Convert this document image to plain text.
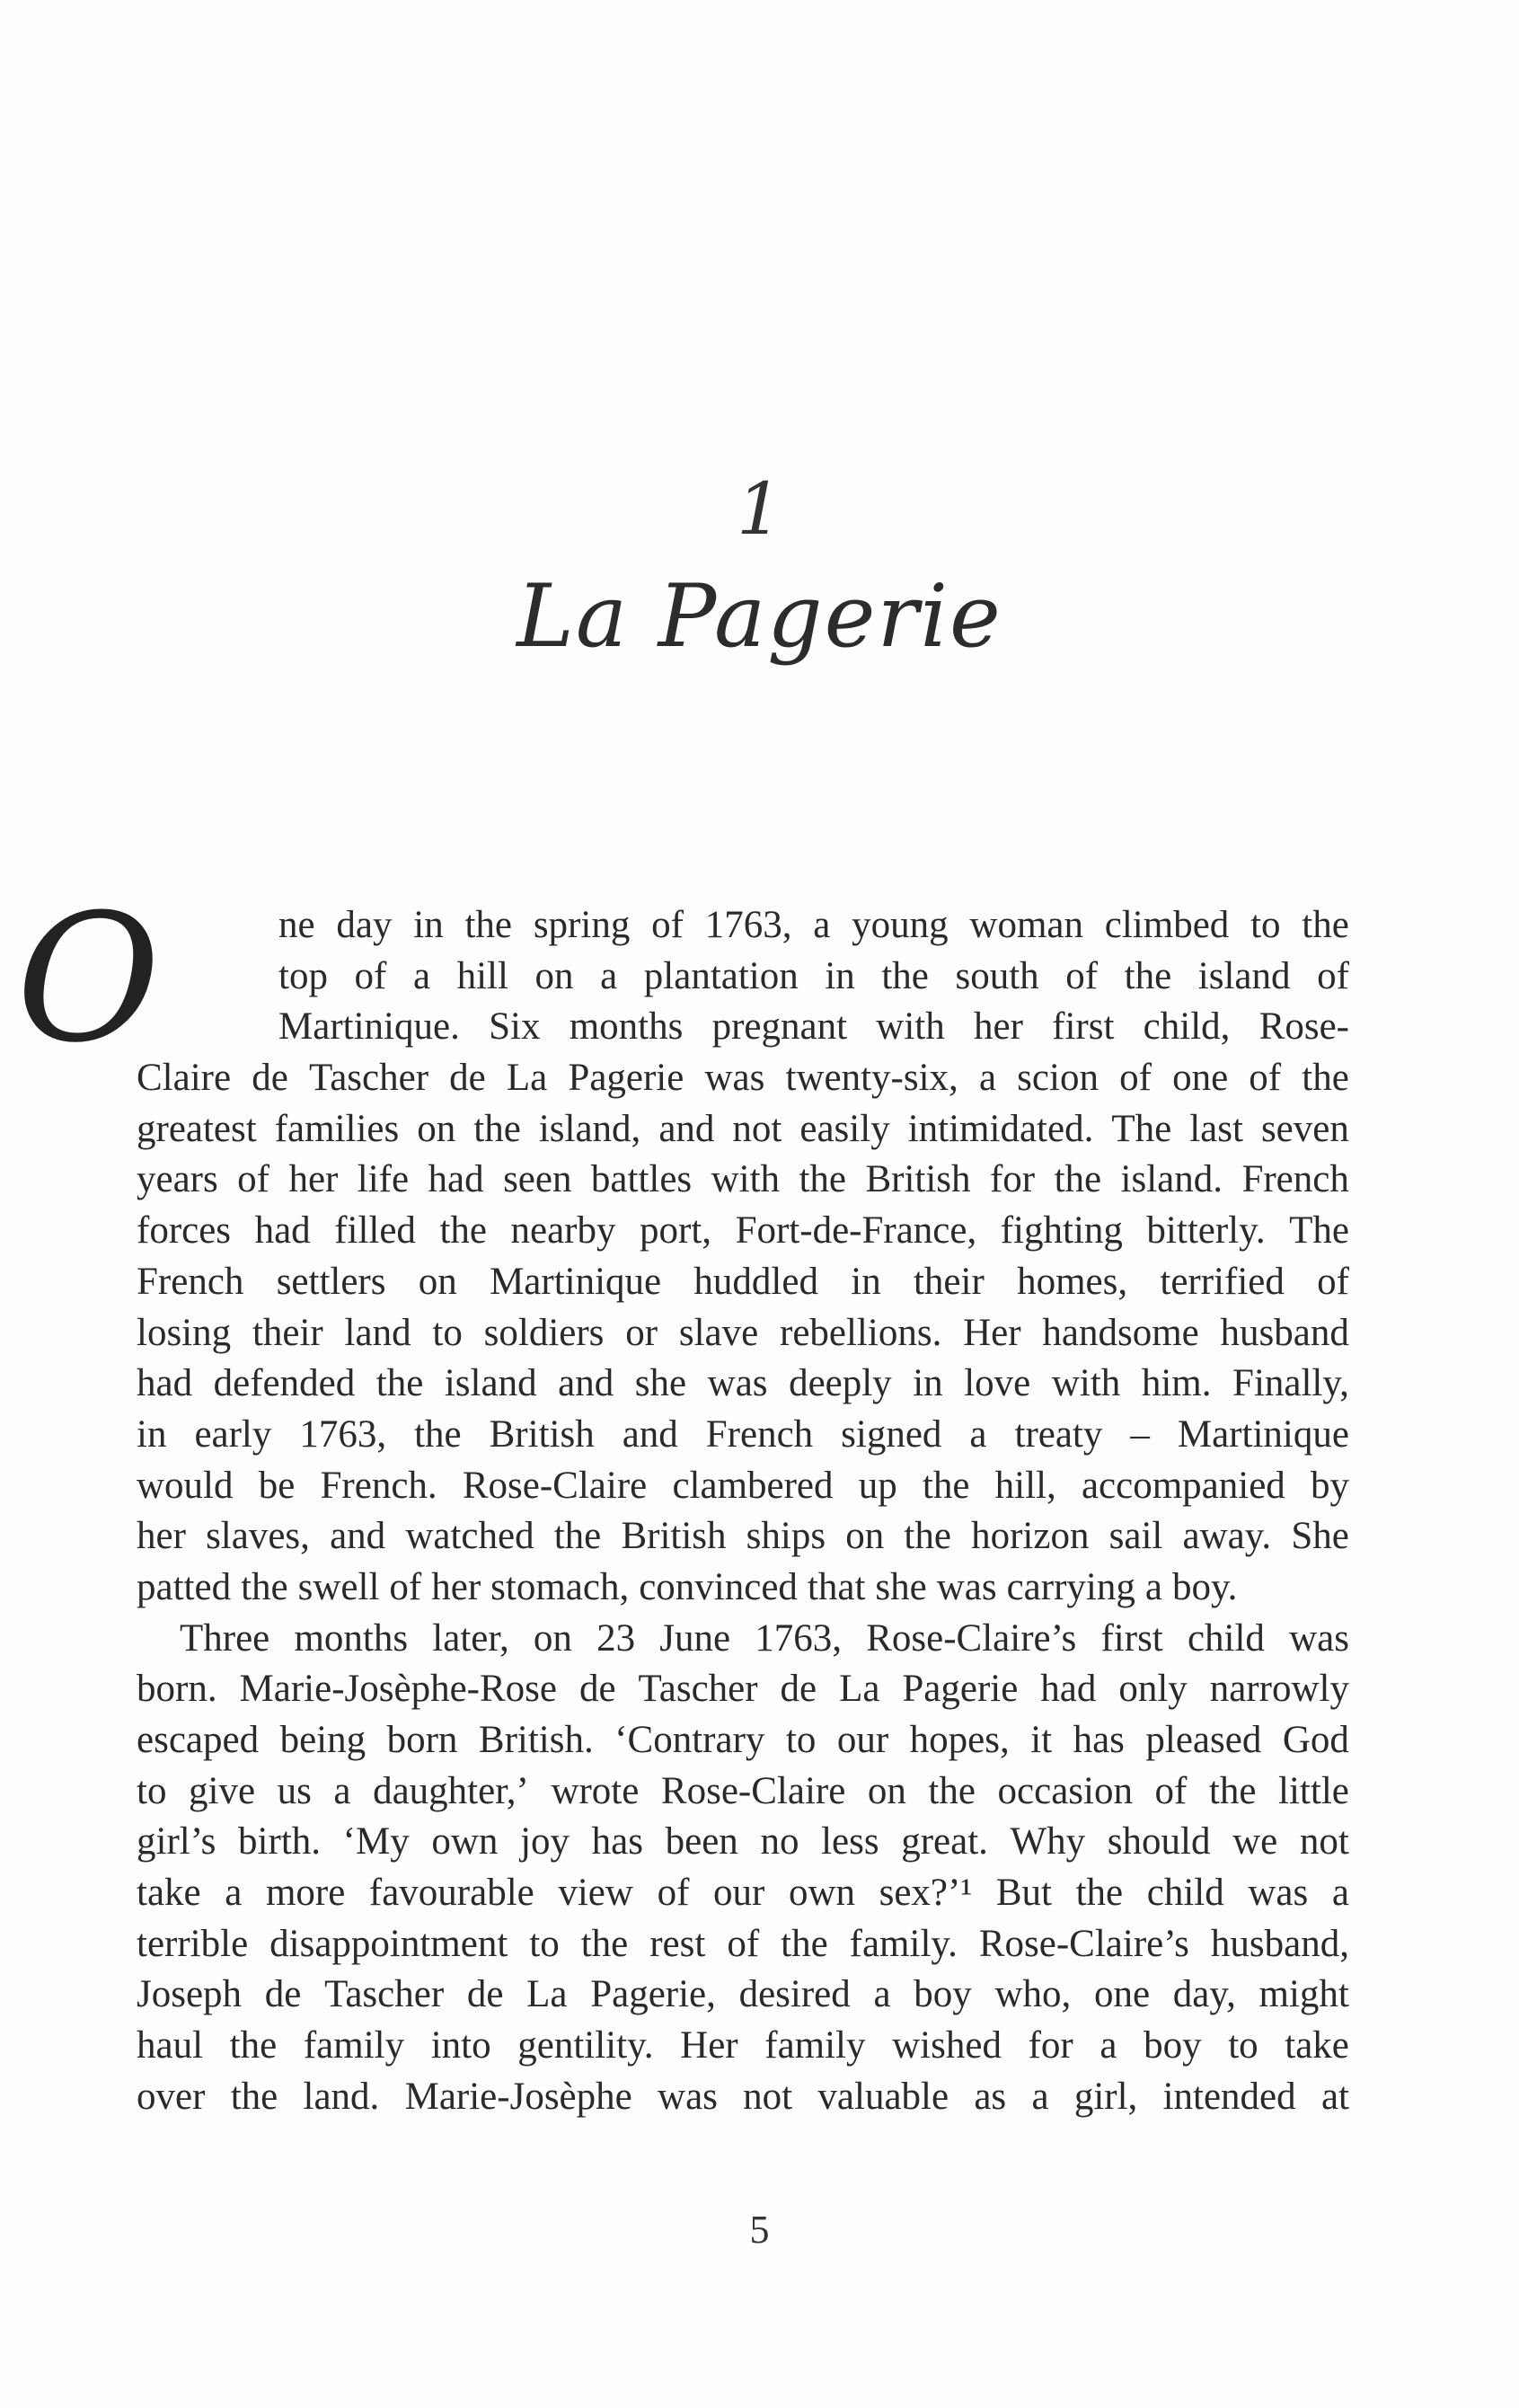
1
La Pagerie
O	ne day in the spring of 1763, a young woman climbed to the
top of a hill on a plantation in the south of the island of
Martinique. Six months pregnant with her first child, Rose-
Claire de Tascher de La Pagerie was twenty-six, a scion of one of the
greatest families on the island, and not easily intimidated. The last seven
years of her life had seen battles with the British for the island. French
forces had filled the nearby port, Fort-de-France, fighting bitterly. The
French settlers on Martinique huddled in their homes, terrified of
losing their land to soldiers or slave rebellions. Her handsome husband
had defended the island and she was deeply in love with him. Finally,
in early 1763, the British and French signed a treaty – Martinique
would be French. Rose-Claire clambered up the hill, accompanied by
her slaves, and watched the British ships on the horizon sail away. She
patted the swell of her stomach, convinced that she was carrying a boy.
Three months later, on 23 June 1763, Rose-Claire’s first child was
born. Marie-Josèphe-Rose de Tascher de La Pagerie had only narrowly
escaped being born British. ‘Contrary to our hopes, it has pleased God
to give us a daughter,’ wrote Rose-Claire on the occasion of the little
girl’s birth. ‘My own joy has been no less great. Why should we not
take a more favourable view of our own sex?’¹ But the child was a
terrible disappointment to the rest of the family. Rose-Claire’s husband,
Joseph de Tascher de La Pagerie, desired a boy who, one day, might
haul the family into gentility. Her family wished for a boy to take
over the land. Marie-Josèphe was not valuable as a girl, intended at
5
